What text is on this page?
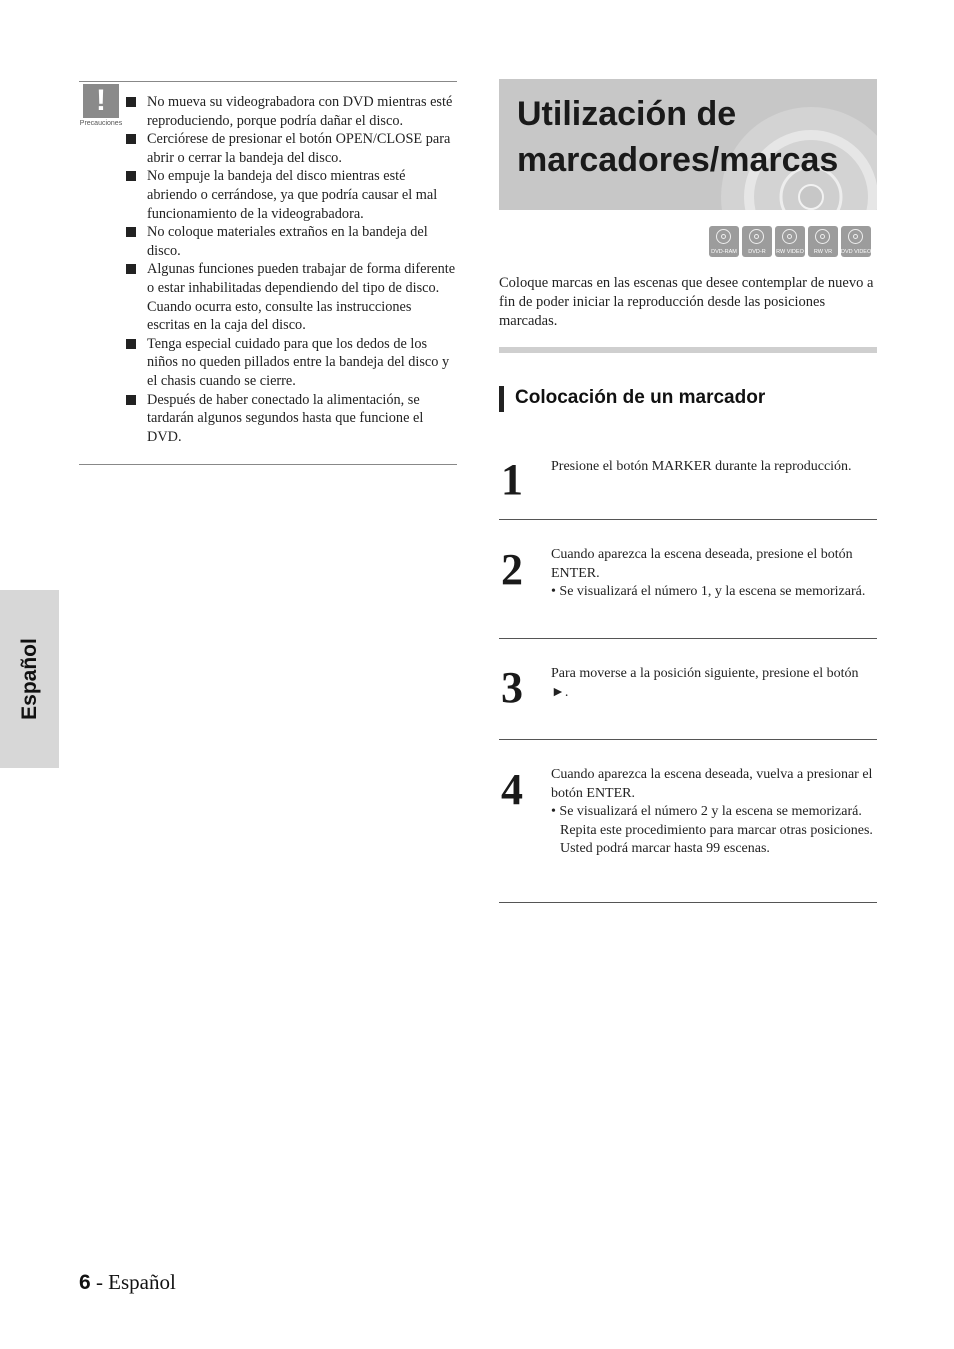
!
Precauciones
No mueva su videograbadora con DVD mientras esté reproduciendo, porque podría dañar el disco.
Cerciórese de presionar el botón OPEN/CLOSE para abrir o cerrar la bandeja del disco.
No empuje la bandeja del disco mientras esté abriendo o cerrándose, ya que podría causar el mal funcionamiento de la videograbadora.
No coloque materiales extraños en la bandeja del disco.
Algunas funciones pueden trabajar de forma diferente o estar inhabilitadas dependiendo del tipo de disco. Cuando ocurra esto, consulte las instrucciones escritas en la caja del disco.
Tenga especial cuidado para que los dedos de los niños no queden pillados entre la bandeja del disco y el chasis cuando se cierre.
Después de haber conectado la alimentación, se tardarán algunos segundos hasta que funcione el DVD.
Español
Utilización de marcadores/marcas
DVD-RAM	DVD-R	RW VIDEO	RW VR	DVD VIDEO

Coloque marcas en las escenas que desee contemplar de nuevo a fin de poder iniciar la reproducción desde las posiciones marcadas.

Colocación de un marcador
1 Presione el botón MARKER durante la reproducción.

2 Cuando aparezca la escena deseada, presione el botón ENTER.
• Se visualizará el número 1, y la escena se memorizará.

3 Para moverse a la posición siguiente, presione el botón ►.

4 Cuando aparezca la escena deseada, vuelva a presionar el botón ENTER.
• Se visualizará el número 2 y la escena se memorizará. Repita este procedimiento para marcar otras posiciones. Usted podrá marcar hasta 99 escenas.

6 - Español
